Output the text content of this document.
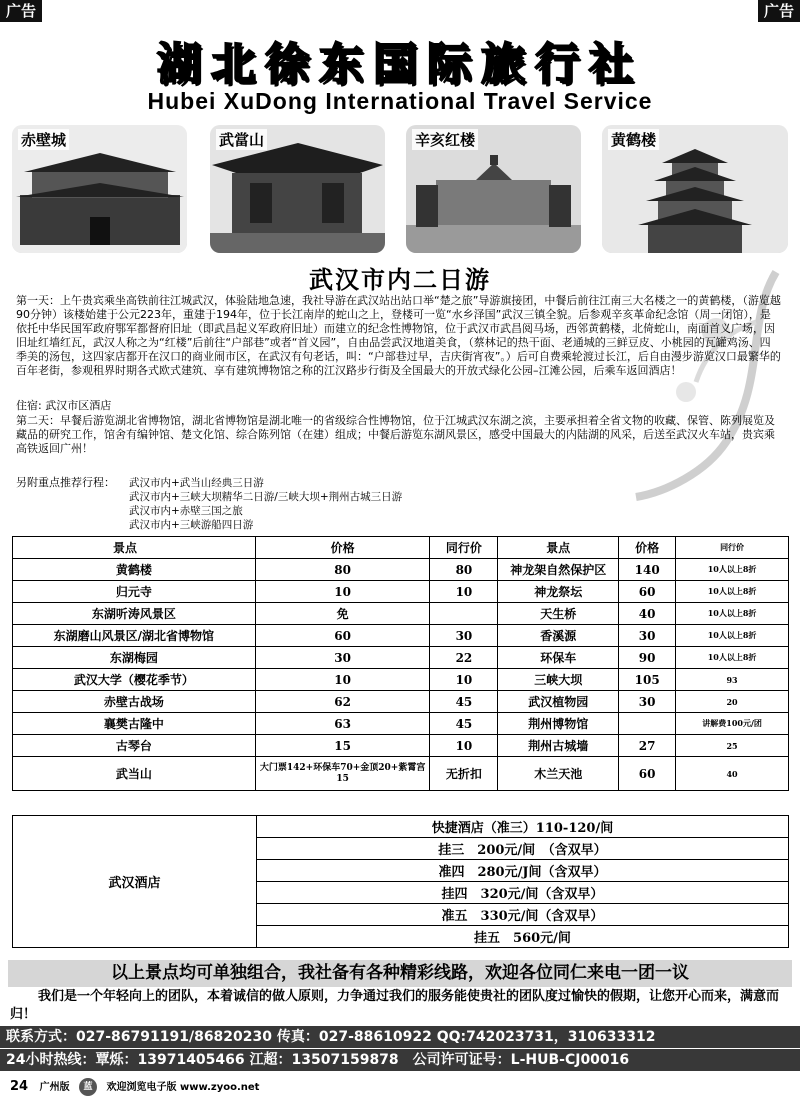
广告	广告
湖北徐东国际旅行社
Hubei XuDong International Travel Service
赤壁城	武當山	辛亥红楼	黄鹤楼
武汉市内二日游
第一天：上午贵宾乘坐高铁前往江城武汉，体验陆地急速，我社导游在武汉站出站口举“楚之旅”导游旗接团，中餐后前往江南三大名楼之一的黄鹤楼，（游览越90分钟）该楼始建于公元223年，重建于194年，位于长江南岸的蛇山之上，登楼可一览“水乡泽国”武汉三镇全貌。后参观辛亥革命纪念馆（周一闭馆），是依托中华民国军政府鄂军都督府旧址（即武昌起义军政府旧址）而建立的纪念性博物馆，位于武汉市武昌阅马场，西邻黄鹤楼，北倚蛇山，南面首义广场，因旧址红墙红瓦，武汉人称之为“红楼”后前往“户部巷”或者“首义园”，自由品尝武汉地道美食，（蔡林记的热干面、老通城的三鲜豆皮、小桃园的瓦罐鸡汤、四季美的汤包，这四家店都开在汉口的商业闹市区，在武汉有句老话，叫：“户部巷过早，吉庆街宵夜”。）后可自费乘轮渡过长江，后自由漫步游览汉口最繁华的百年老街，参观租界时期各式欧式建筑、享有建筑博物馆之称的江汉路步行街及全国最大的开放式绿化公园–江滩公园，后乘车返回酒店！
住宿: 武汉市区酒店
第二天：早餐后游览湖北省博物馆，湖北省博物馆是湖北唯一的省级综合性博物馆，位于江城武汉东湖之滨，主要承担着全省文物的收藏、保管、陈列展览及藏品的研究工作，馆舍有编钟馆、楚文化馆、综合陈列馆（在建）组成；中餐后游览东湖风景区，感受中国最大的内陆湖的风采，后送至武汉火车站，贵宾乘高铁返回广州！
另附重点推荐行程：	武汉市内+武当山经典三日游
武汉市内+三峡大坝精华二日游/三峡大坝+荆州古城三日游
武汉市内+赤壁三国之旅
武汉市内+三峡游船四日游
景点	价格	同行价	景点	价格	同行价
黄鹤楼	80	80	神龙架自然保护区	140	10人以上8折
归元寺	10	10	神龙祭坛	60	10人以上8折
东湖听涛风景区	免		天生桥	40	10人以上8折
东湖磨山风景区/湖北省博物馆	60	30	香溪源	30	10人以上8折
东湖梅园	30	22	环保车	90	10人以上8折
武汉大学（樱花季节）	10	10	三峡大坝	105	93
赤壁古战场	62	45	武汉植物园	30	20
襄樊古隆中	63	45	荆州博物馆		讲解费100元/团
古琴台	15	10	荆州古城墙	27	25
武当山	大门票142+环保车70+金顶20+紫霄宫15	无折扣	木兰天池	60	40
武汉酒店	快捷酒店（准三）110-120/间
挂三　200元/间　（含双早）
准四　280元/J间（含双早）
挂四　320元/间（含双早）
准五　330元/间（含双早）
挂五　560元/间
以上景点均可单独组合，我社备有各种精彩线路，欢迎各位同仁来电一团一议
我们是一个年轻向上的团队，本着诚信的做人原则，力争通过我们的服务能使贵社的团队度过愉快的假期，让您开心而来，满意而归！
联系方式：027-86791191/86820230 传真：027-88610922 QQ:742023731，310633312
24小时热线：覃烁：13971405466 江超：13507159878　公司许可证号：L-HUB-CJ00016
24 广州版 蓝 欢迎浏览电子版 www.zyoo.net
